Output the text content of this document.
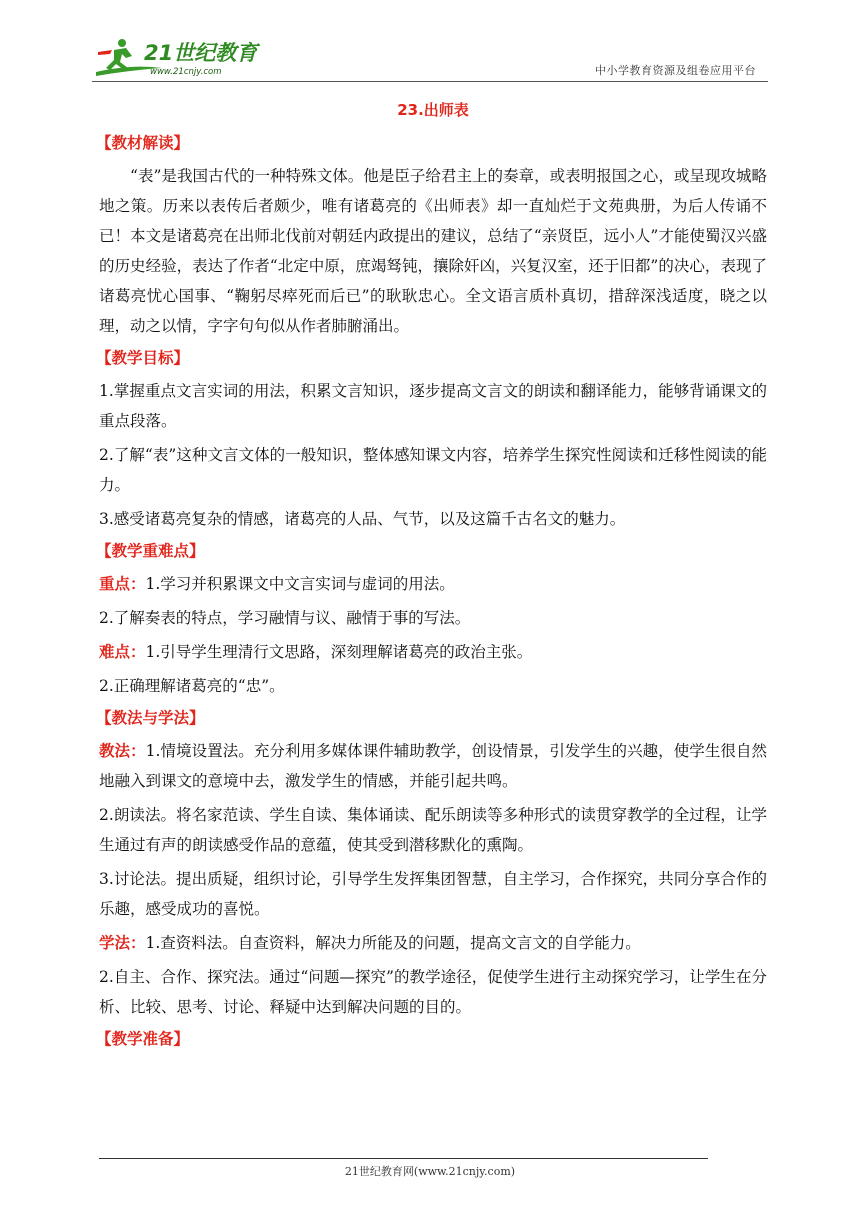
21世纪教育
www.21cnjy.com	中小学教育资源及组卷应用平台
23.出师表
【教材解读】

“表”是我国古代的一种特殊文体。他是臣子给君主上的奏章，或表明报国之心，或呈现攻城略地之策。历来以表传后者颇少，唯有诸葛亮的《出师表》却一直灿烂于文苑典册，为后人传诵不已！本文是诸葛亮在出师北伐前对朝廷内政提出的建议，总结了“亲贤臣，远小人”才能使蜀汉兴盛的历史经验，表达了作者“北定中原，庶竭驽钝，攘除奸凶，兴复汉室，还于旧都”的决心，表现了诸葛亮忧心国事、“鞠躬尽瘁死而后已”的耿耿忠心。全文语言质朴真切，措辞深浅适度，晓之以理，动之以情，字字句句似从作者肺腑涌出。

【教学目标】

1.掌握重点文言实词的用法，积累文言知识，逐步提高文言文的朗读和翻译能力，能够背诵课文的重点段落。

2.了解“表”这种文言文体的一般知识，整体感知课文内容，培养学生探究性阅读和迁移性阅读的能力。

3.感受诸葛亮复杂的情感，诸葛亮的人品、气节，以及这篇千古名文的魅力。

【教学重难点】

重点：1.学习并积累课文中文言实词与虚词的用法。

2.了解奏表的特点，学习融情与议、融情于事的写法。

难点：1.引导学生理清行文思路，深刻理解诸葛亮的政治主张。

2.正确理解诸葛亮的“忠”。

【教法与学法】

教法：1.情境设置法。充分利用多媒体课件辅助教学，创设情景，引发学生的兴趣，使学生很自然地融入到课文的意境中去，激发学生的情感，并能引起共鸣。

2.朗读法。将名家范读、学生自读、集体诵读、配乐朗读等多种形式的读贯穿教学的全过程，让学生通过有声的朗读感受作品的意蕴，使其受到潜移默化的熏陶。

3.讨论法。提出质疑，组织讨论，引导学生发挥集团智慧，自主学习，合作探究，共同分享合作的乐趣，感受成功的喜悦。

学法：1.查资料法。自查资料，解决力所能及的问题，提高文言文的自学能力。

2.自主、合作、探究法。通过“问题—探究”的教学途径，促使学生进行主动探究学习，让学生在分析、比较、思考、讨论、释疑中达到解决问题的目的。

【教学准备】
21世纪教育网(www.21cnjy.com)
